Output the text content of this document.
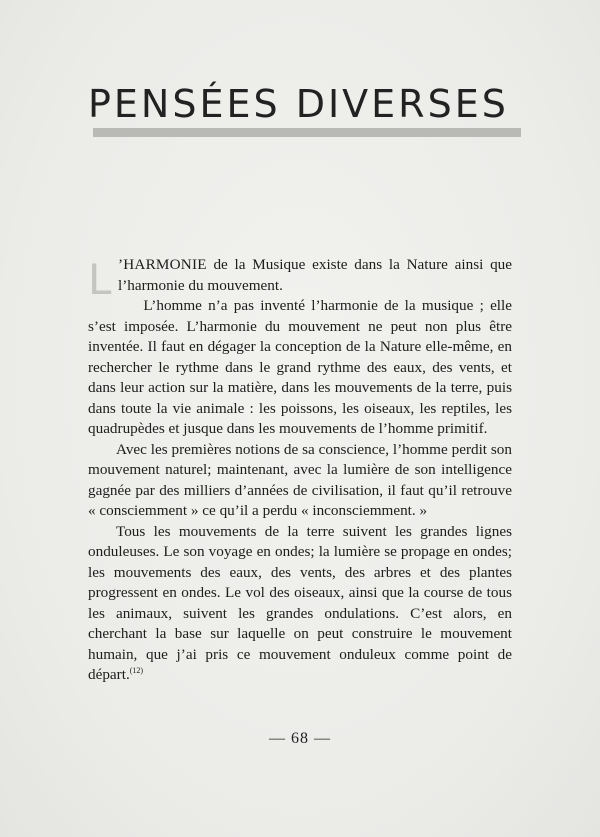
PENSÉES DIVERSES

L ’HARMONIE de la Musique existe dans la Nature ainsi que l’harmonie du mouvement.

L’homme n’a pas inventé l’harmonie de la musique ; elle s’est imposée. L’harmonie du mouvement ne peut non plus être inventée. Il faut en dégager la conception de la Nature elle-même, en rechercher le rythme dans le grand rythme des eaux, des vents, et dans leur action sur la matière, dans les mouvements de la terre, puis dans toute la vie animale : les poissons, les oiseaux, les reptiles, les quadrupèdes et jusque dans les mouvements de l’homme primitif.

Avec les premières notions de sa conscience, l’homme perdit son mouvement naturel; maintenant, avec la lumière de son intelligence gagnée par des milliers d’années de civilisation, il faut qu’il retrouve « consciemment » ce qu’il a perdu « inconsciemment. »

Tous les mouvements de la terre suivent les grandes lignes onduleuses. Le son voyage en ondes; la lumière se propage en ondes; les mouvements des eaux, des vents, des arbres et des plantes progressent en ondes. Le vol des oiseaux, ainsi que la course de tous les animaux, suivent les grandes ondulations. C’est alors, en cherchant la base sur laquelle on peut construire le mouvement humain, que j’ai pris ce mouvement onduleux comme point de départ.$^{(12)}$

— 68 —
